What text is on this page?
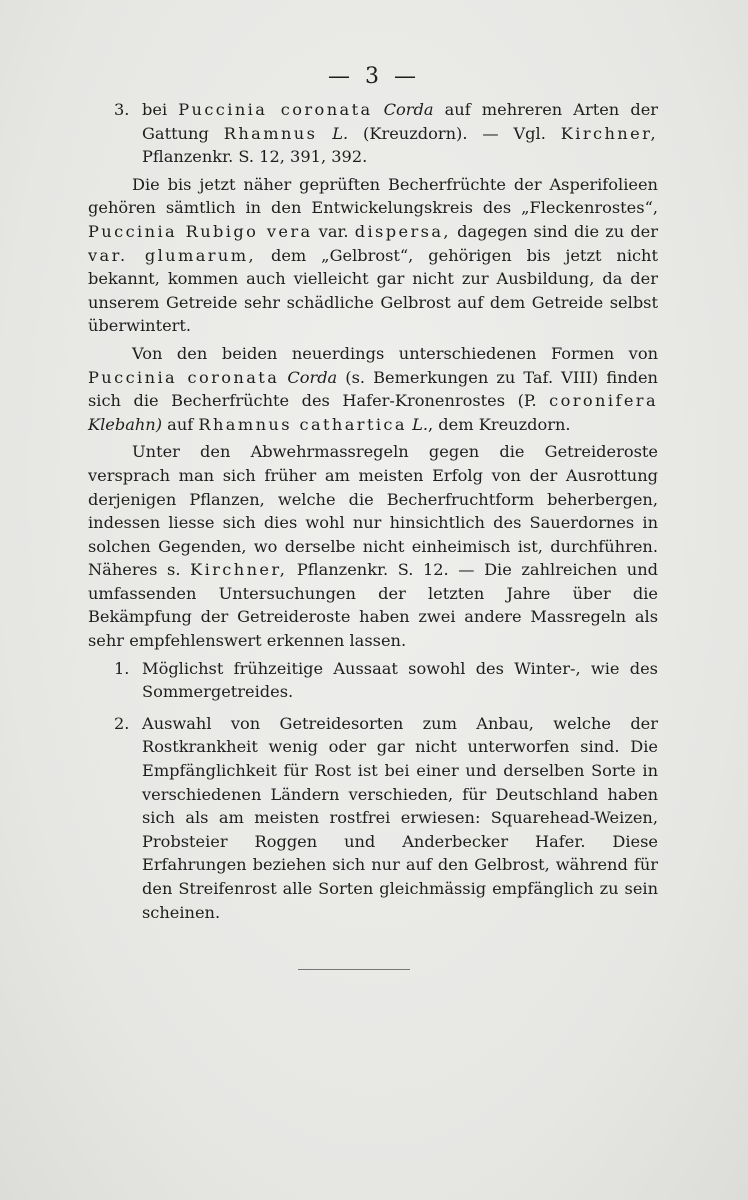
— 3 —

3. bei Puccinia coronata Corda auf mehreren Arten der Gattung Rhamnus L. (Kreuzdorn). — Vgl. Kirchner, Pflanzenkr. S. 12, 391, 392.

Die bis jetzt näher geprüften Becherfrüchte der Asperifolieen gehören sämtlich in den Entwickelungskreis des „Fleckenrostes“, Puccinia Rubigo vera var. dispersa, dagegen sind die zu der var. glumarum, dem „Gelbrost“, gehörigen bis jetzt nicht bekannt, kommen auch vielleicht gar nicht zur Ausbildung, da der unserem Getreide sehr schädliche Gelbrost auf dem Getreide selbst überwintert.

Von den beiden neuerdings unterschiedenen Formen von Puccinia coronata Corda (s. Bemerkungen zu Taf. VIII) finden sich die Becherfrüchte des Hafer-Kronenrostes (P. coronifera Klebahn) auf Rhamnus cathartica L., dem Kreuzdorn.

Unter den Abwehrmassregeln gegen die Getreideroste versprach man sich früher am meisten Erfolg von der Ausrottung derjenigen Pflanzen, welche die Becherfruchtform beherbergen, indessen liesse sich dies wohl nur hinsichtlich des Sauerdornes in solchen Gegenden, wo derselbe nicht einheimisch ist, durchführen. Näheres s. Kirchner, Pflanzenkr. S. 12. — Die zahlreichen und umfassenden Untersuchungen der letzten Jahre über die Bekämpfung der Getreideroste haben zwei andere Massregeln als sehr empfehlenswert erkennen lassen.

1. Möglichst frühzeitige Aussaat sowohl des Winter-, wie des Sommergetreides.

2. Auswahl von Getreidesorten zum Anbau, welche der Rostkrankheit wenig oder gar nicht unterworfen sind. Die Empfänglichkeit für Rost ist bei einer und derselben Sorte in verschiedenen Ländern verschieden, für Deutschland haben sich als am meisten rostfrei erwiesen: Squarehead-Weizen, Probsteier Roggen und Anderbecker Hafer. Diese Erfahrungen beziehen sich nur auf den Gelbrost, während für den Streifenrost alle Sorten gleichmässig empfänglich zu sein scheinen.
